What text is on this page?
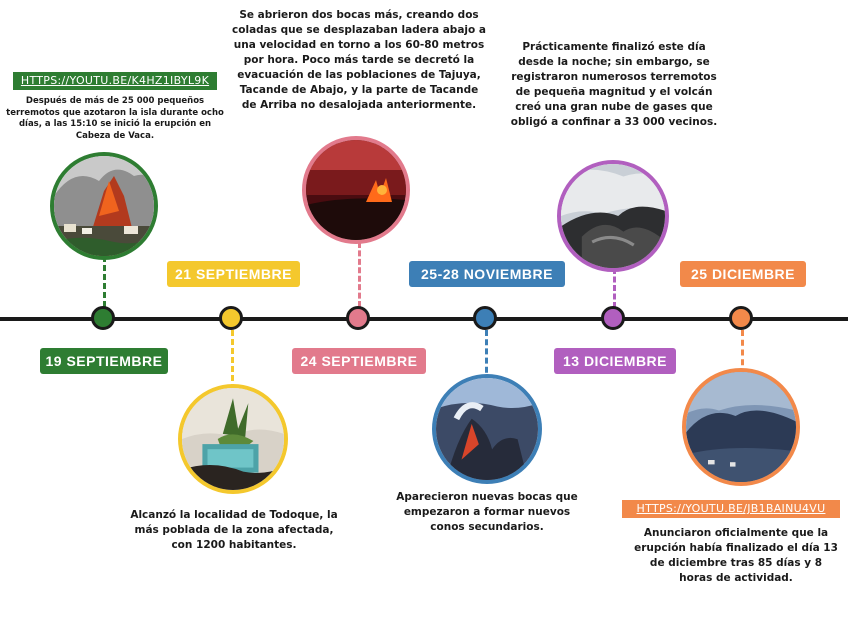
19 SEPTIEMBRE
HTTPS://YOUTU.BE/K4HZ1IBYL9K
Después de más de 25 000 pequeños terremotos que azotaron la isla durante ocho días, a las 15:10 se inició la erupción en Cabeza de Vaca.
21 SEPTIEMBRE
Alcanzó la localidad de Todoque, la más poblada de la zona afectada, con 1200 habitantes.
24 SEPTIEMBRE
Se abrieron dos bocas más, creando dos coladas que se desplazaban ladera abajo a una velocidad en torno a los 60-80 metros por hora. Poco más tarde se decretó la evacuación de las poblaciones de Tajuya, Tacande de Abajo, y la parte de Tacande de Arriba no desalojada anteriormente.
25-28 NOVIEMBRE
Aparecieron nuevas bocas que empezaron a formar nuevos conos secundarios.
13 DICIEMBRE
Prácticamente finalizó este día desde la noche; sin embargo, se registraron numerosos terremotos de pequeña magnitud y el volcán creó una gran nube de gases que obligó a confinar a 33 000 vecinos.
25 DICIEMBRE
HTTPS://YOUTU.BE/JB1BAINU4VU
Anunciaron oficialmente que la erupción había finalizado el día 13 de diciembre tras 85 días y 8 horas de actividad.
